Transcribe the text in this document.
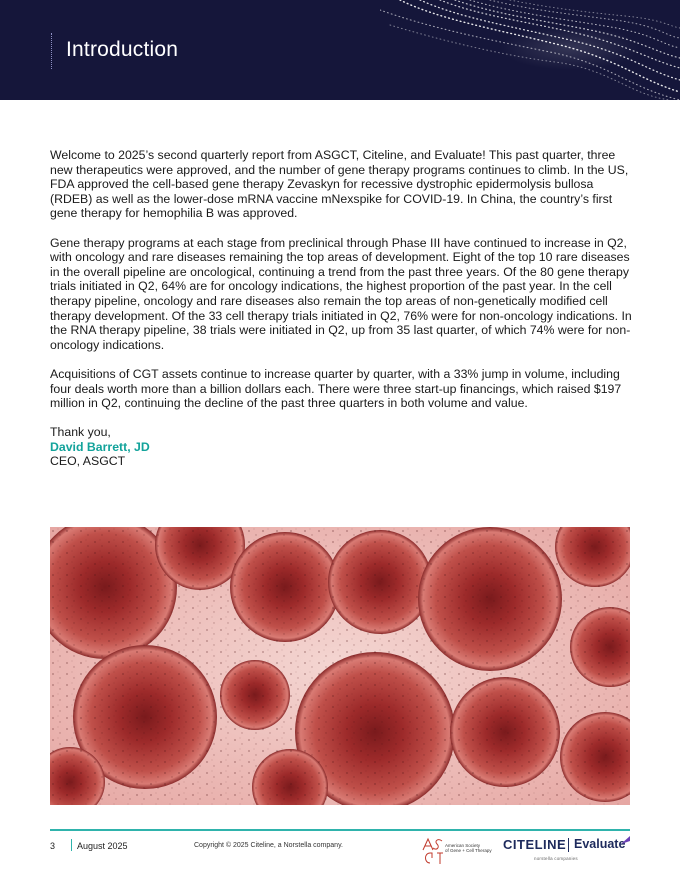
Introduction

Welcome to 2025’s second quarterly report from ASGCT, Citeline, and Evaluate! This past quarter, three new therapeutics were approved, and the number of gene therapy programs continues to climb. In the US, FDA approved the cell-based gene therapy Zevaskyn for recessive dystrophic epidermolysis bullosa (RDEB) as well as the lower-dose mRNA vaccine mNexspike for COVID-19. In China, the country’s first gene therapy for hemophilia B was approved.

Gene therapy programs at each stage from preclinical through Phase III have continued to increase in Q2, with oncology and rare diseases remaining the top areas of development. Eight of the top 10 rare diseases in the overall pipeline are oncological, continuing a trend from the past three years. Of the 80 gene therapy trials initiated in Q2, 64% are for oncology indications, the highest proportion of the past year. In the cell therapy pipeline, oncology and rare diseases also remain the top areas of non-genetically modified cell therapy development. Of the 33 cell therapy trials initiated in Q2, 76% were for non-oncology indications. In the RNA therapy pipeline, 38 trials were initiated in Q2, up from 35 last quarter, of which 74% were for non-oncology indications.

Acquisitions of CGT assets continue to increase quarter by quarter, with a 33% jump in volume, including four deals worth more than a billion dollars each. There were three start-up financings, which raised $197 million in Q2, continuing the decline of the past three quarters in both volume and value.

Thank you,
David Barrett, JD
CEO, ASGCT
3 August 2025	Copyright © 2025 Citeline, a Norstella company.	American Society
of Gene + Cell Therapy CITELINE Evaluate
norstella companies
